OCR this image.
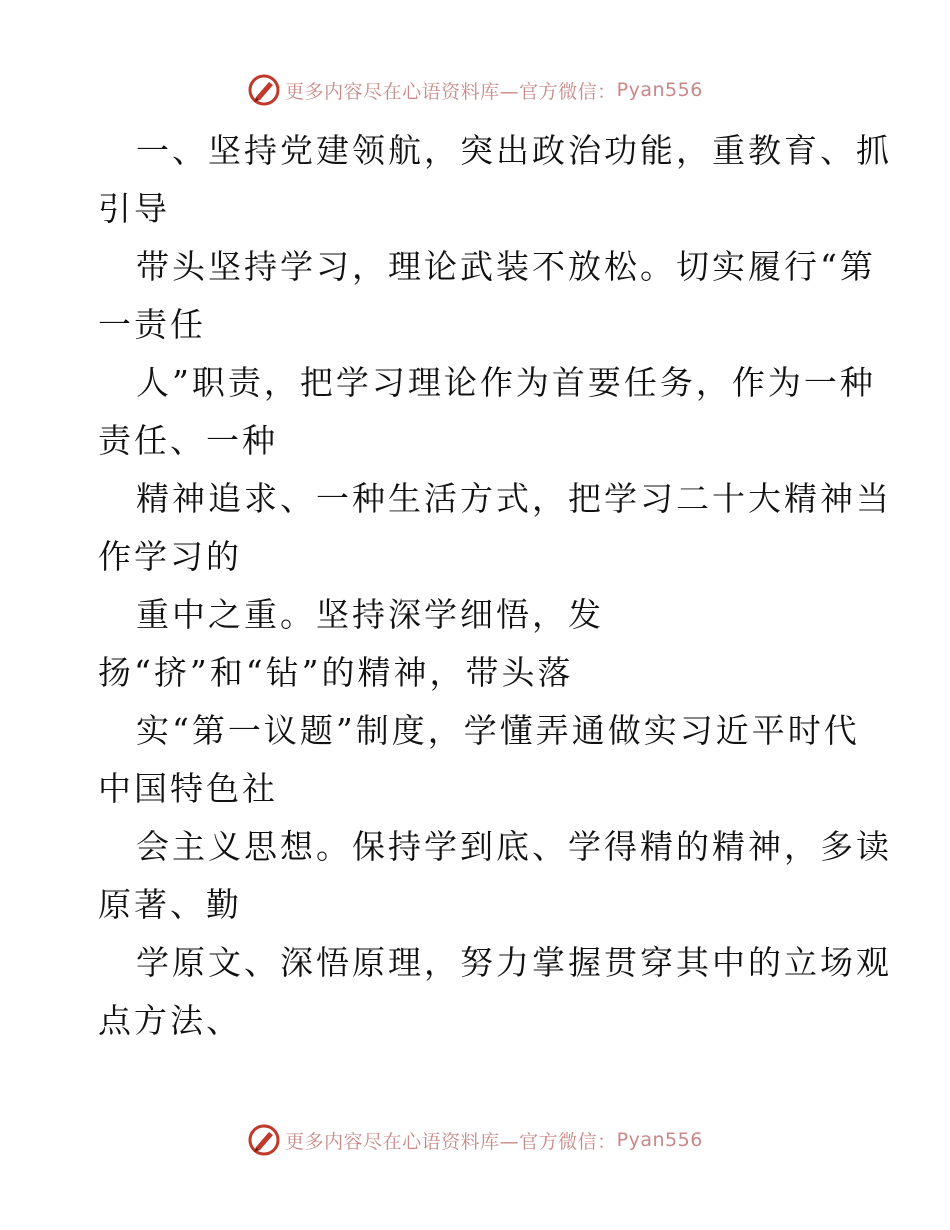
更多内容尽在心语资料库—官方微信： Pyan556
一、坚持党建领航，突出政治功能，重教育、抓
引导
带头坚持学习，理论武装不放松。切实履行“第
一责任
人”职责，把学习理论作为首要任务，作为一种
责任、一种
精神追求、一种生活方式，把学习二十大精神当
作学习的
重中之重。坚持深学细悟，发
扬“挤”和“钻”的精神，带头落
实“第一议题”制度，学懂弄通做实习近平时代
中国特色社
会主义思想。保持学到底、学得精的精神，多读
原著、勤
学原文、深悟原理，努力掌握贯穿其中的立场观
点方法、
更多内容尽在心语资料库—官方微信： Pyan556
